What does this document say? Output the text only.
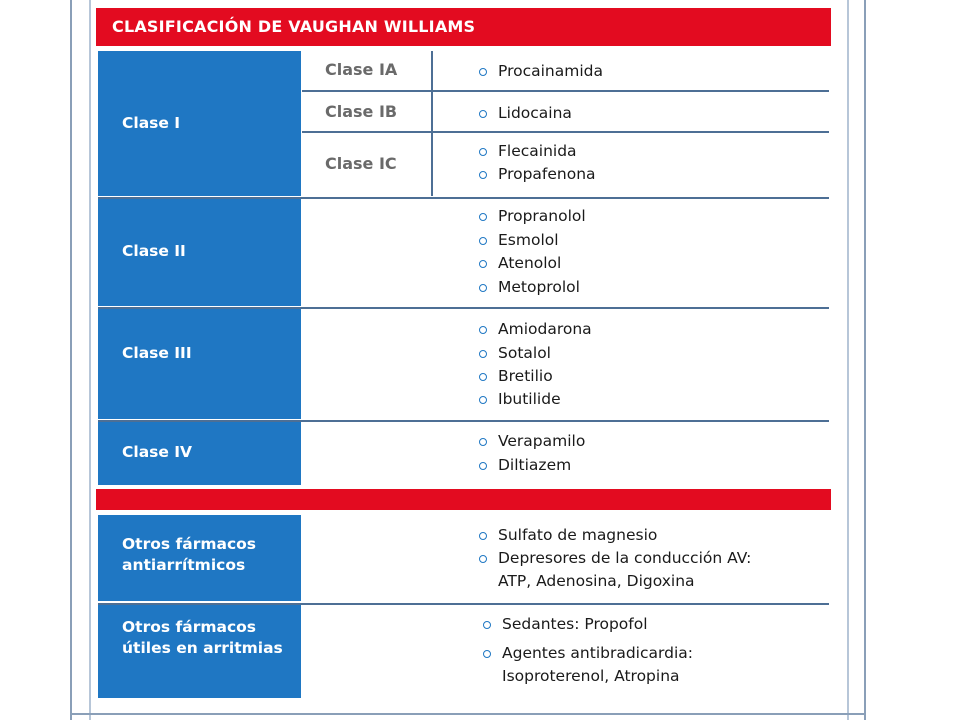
CLASIFICACIÓN DE VAUGHAN WILLIAMS
Clase I
Clase IA	Procainamida
Clase IB	Lidocaina
Clase IC
Flecainida
Propafenona
Clase II
Propranolol
Esmolol
Atenolol
Metoprolol
Clase III
Amiodarona
Sotalol
Bretilio
Ibutilide
Clase IV
Verapamilo
Diltiazem
Otros fármacos antiarrítmicos
Sulfato de magnesio
Depresores de la conducción AV:
ATP, Adenosina, Digoxina
Otros fármacos útiles en arritmias
Sedantes: Propofol
Agentes antibradicardia:
Isoproterenol, Atropina
